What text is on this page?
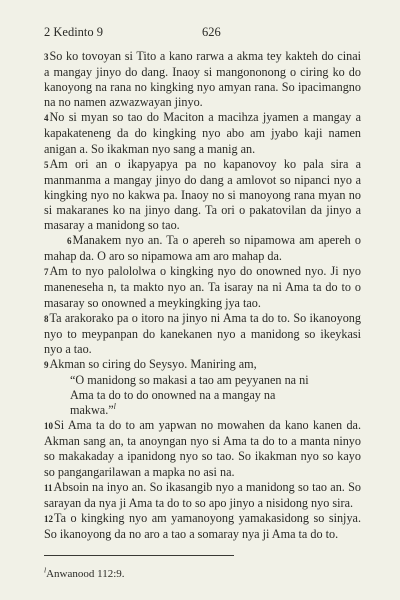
2 Kedinto 9	626

3So ko tovoyan si Tito a kano rarwa a akma tey kakteh do cinai a mangay jinyo do dang. Inaoy si mangononong o ciring ko do kanoyong na rana no kingking nyo amyan rana. So ipacimangno na no namen azwazwayan jinyo.

4No si myan so tao do Maciton a macihza jyamen a mangay a kapakateneng da do kingking nyo abo am jyabo kaji namen anigan a. So ikakman nyo sang a manig an.

5Am ori an o ikapyapya pa no kapanovoy ko pala sira a manmanma a mangay jinyo do dang a amlovot so nipanci nyo a kingking nyo no kakwa pa. Inaoy no si manoyong rana myan no si makaranes ko na jinyo dang. Ta ori o pakatovilan da jinyo a masaray a manidong so tao.

6Manakem nyo an. Ta o apereh so nipamowa am apereh o mahap da. O aro so nipamowa am aro mahap da.

7Am to nyo palololwa o kingking nyo do onowned nyo. Ji nyo maneneseha n, ta makto nyo an. Ta isaray na ni Ama ta do to o masaray so onowned a meykingking jya tao.

8Ta arakorako pa o itoro na jinyo ni Ama ta do to. So ikanoyong nyo to meypanpan do kanekanen nyo a manidong so ikeykasi nyo a tao.

9Akman so ciring do Seysyo. Maniring am,

“O manidong so makasi a tao am peyyanen na ni
Ama ta do to do onowned na a mangay na
makwa.”$^l$

10Si Ama ta do to am yapwan no mowahen da kano kanen da. Akman sang an, ta anoyngan nyo si Ama ta do to a manta ninyo so makakaday a ipanidong nyo so tao. So ikakman nyo so kayo so pangangarilawan a mapka no asi na.

11Absoin na inyo an. So ikasangib nyo a manidong so tao an. So sarayan da nya ji Ama ta do to so apo jinyo a nisidong nyo sira.

12Ta o kingking nyo am yamanoyong yamakasidong so sinjya. So ikanoyong da no aro a tao a somaray nya ji Ama ta do to.

$^l$Anwanood 112:9.
